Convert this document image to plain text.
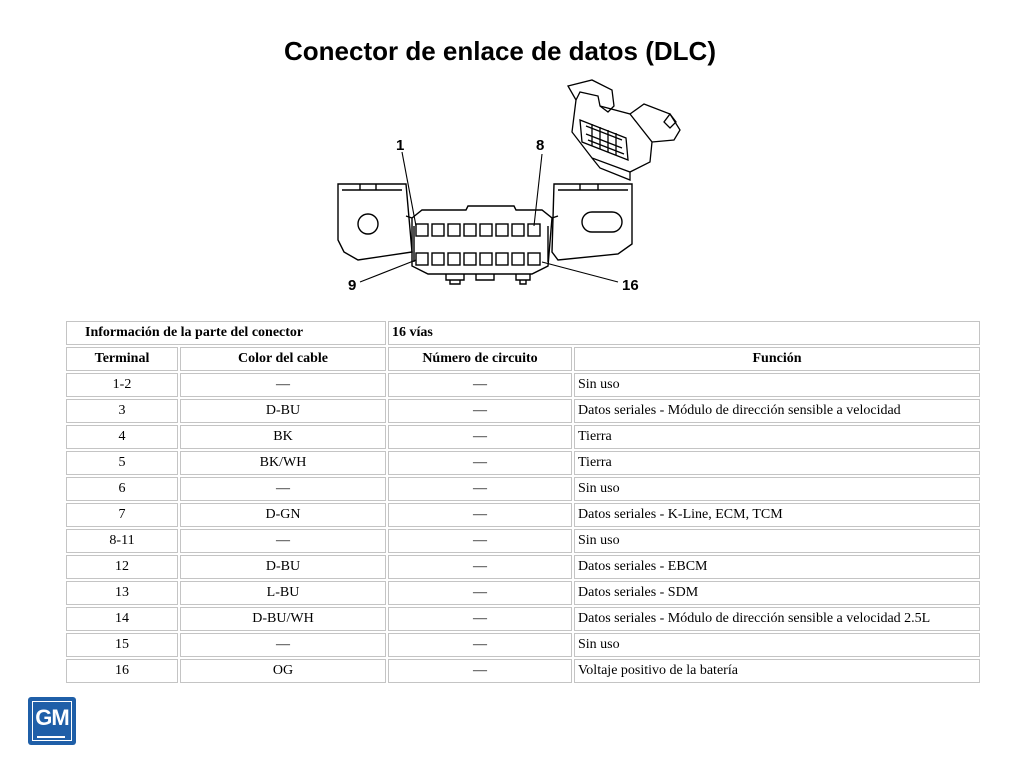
Conector de enlace de datos (DLC)
1	8
9	16
Información de la parte del conector		16 vías	
Terminal	Color del cable	Número de circuito	Función
1-2	—	—	Sin uso
3	D-BU	—	Datos seriales - Módulo de dirección sensible a velocidad
4	BK	—	Tierra
5	BK/WH	—	Tierra
6	—	—	Sin uso
7	D-GN	—	Datos seriales - K-Line, ECM, TCM
8-11	—	—	Sin uso
12	D-BU	—	Datos seriales - EBCM
13	L-BU	—	Datos seriales - SDM
14	D-BU/WH	—	Datos seriales - Módulo de dirección sensible a velocidad 2.5L
15	—	—	Sin uso
16	OG	—	Voltaje positivo de la batería
GM
